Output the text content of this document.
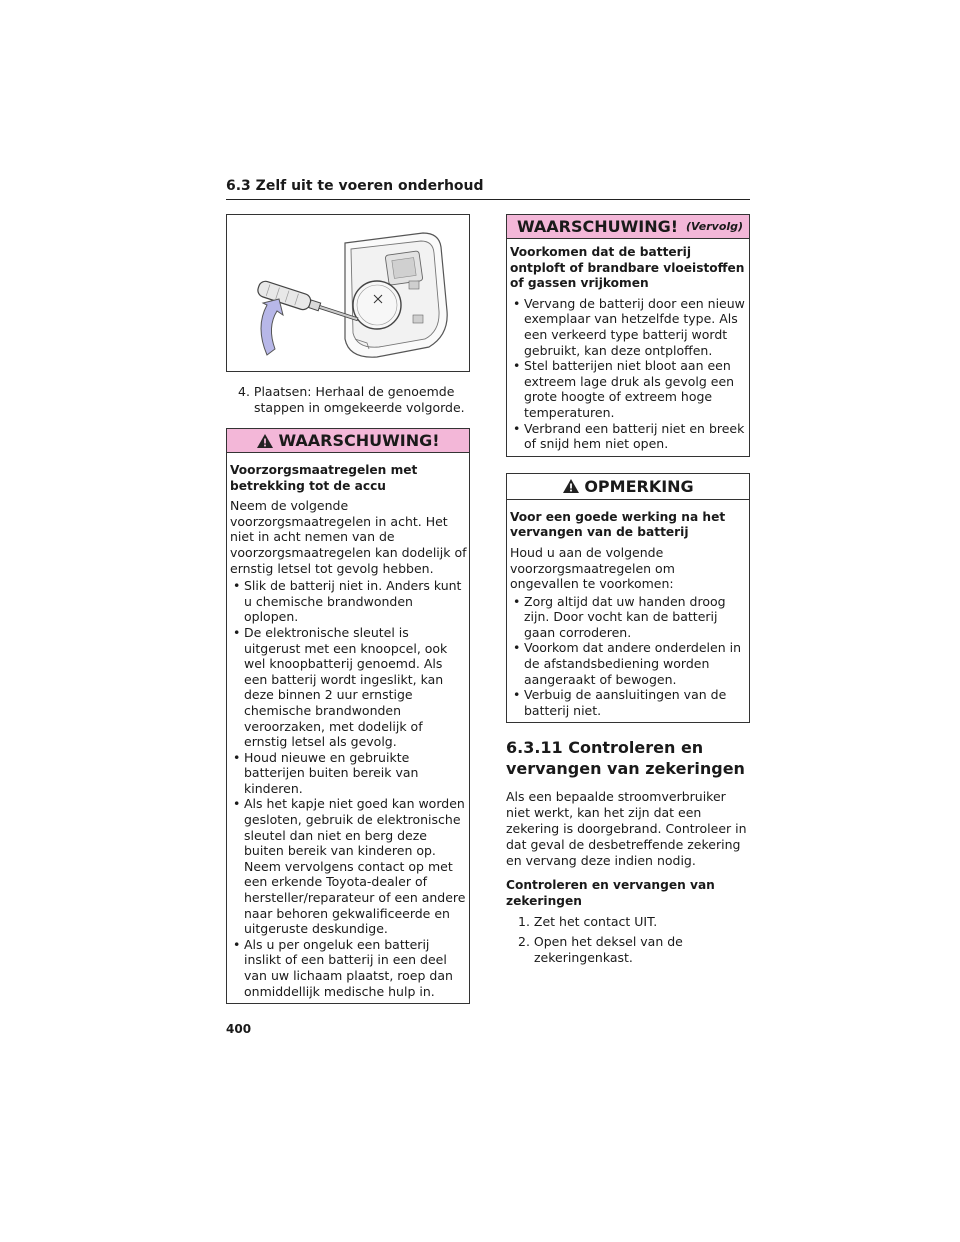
6.3 Zelf uit te voeren onderhoud
4. Plaatsen: Herhaal de genoemde
stappen in omgekeerde volgorde.
WAARSCHUWING!
Voorzorgsmaatregelen met betrekking tot de accu
Neem de volgende voorzorgsmaatregelen in acht. Het niet in acht nemen van de voorzorgsmaatregelen kan dodelijk of ernstig letsel tot gevolg hebben.
• Slik de batterij niet in. Anders kunt u chemische brandwonden oplopen.
• De elektronische sleutel is uitgerust met een knoopcel, ook wel knoopbatterij genoemd. Als een batterij wordt ingeslikt, kan deze binnen 2 uur ernstige chemische brandwonden veroorzaken, met dodelijk of ernstig letsel als gevolg.
• Houd nieuwe en gebruikte batterijen buiten bereik van kinderen.
• Als het kapje niet goed kan worden gesloten, gebruik de elektronische sleutel dan niet en berg deze buiten bereik van kinderen op. Neem vervolgens contact op met een erkende Toyota-dealer of hersteller/reparateur of een andere naar behoren gekwalificeerde en uitgeruste deskundige.
• Als u per ongeluk een batterij inslikt of een batterij in een deel van uw lichaam plaatst, roep dan onmiddellijk medische hulp in.
WAARSCHUWING! (Vervolg)
Voorkomen dat de batterij ontploft of brandbare vloeistoffen of gassen vrijkomen
• Vervang de batterij door een nieuw exemplaar van hetzelfde type. Als een verkeerd type batterij wordt gebruikt, kan deze ontploffen.
• Stel batterijen niet bloot aan een extreem lage druk als gevolg een grote hoogte of extreem hoge temperaturen.
• Verbrand een batterij niet en breek of snijd hem niet open.
OPMERKING
Voor een goede werking na het vervangen van de batterij
Houd u aan de volgende voorzorgsmaatregelen om ongevallen te voorkomen:
• Zorg altijd dat uw handen droog zijn. Door vocht kan de batterij gaan corroderen.
• Voorkom dat andere onderdelen in de afstandsbediening worden aangeraakt of bewogen.
• Verbuig de aansluitingen van de batterij niet.
6.3.11 Controleren en vervangen van zekeringen
Als een bepaalde stroomverbruiker niet werkt, kan het zijn dat een zekering is doorgebrand. Controleer in dat geval de desbetreffende zekering en vervang deze indien nodig.
Controleren en vervangen van zekeringen
1. Zet het contact UIT.
2. Open het deksel van de
zekeringenkast.
400
